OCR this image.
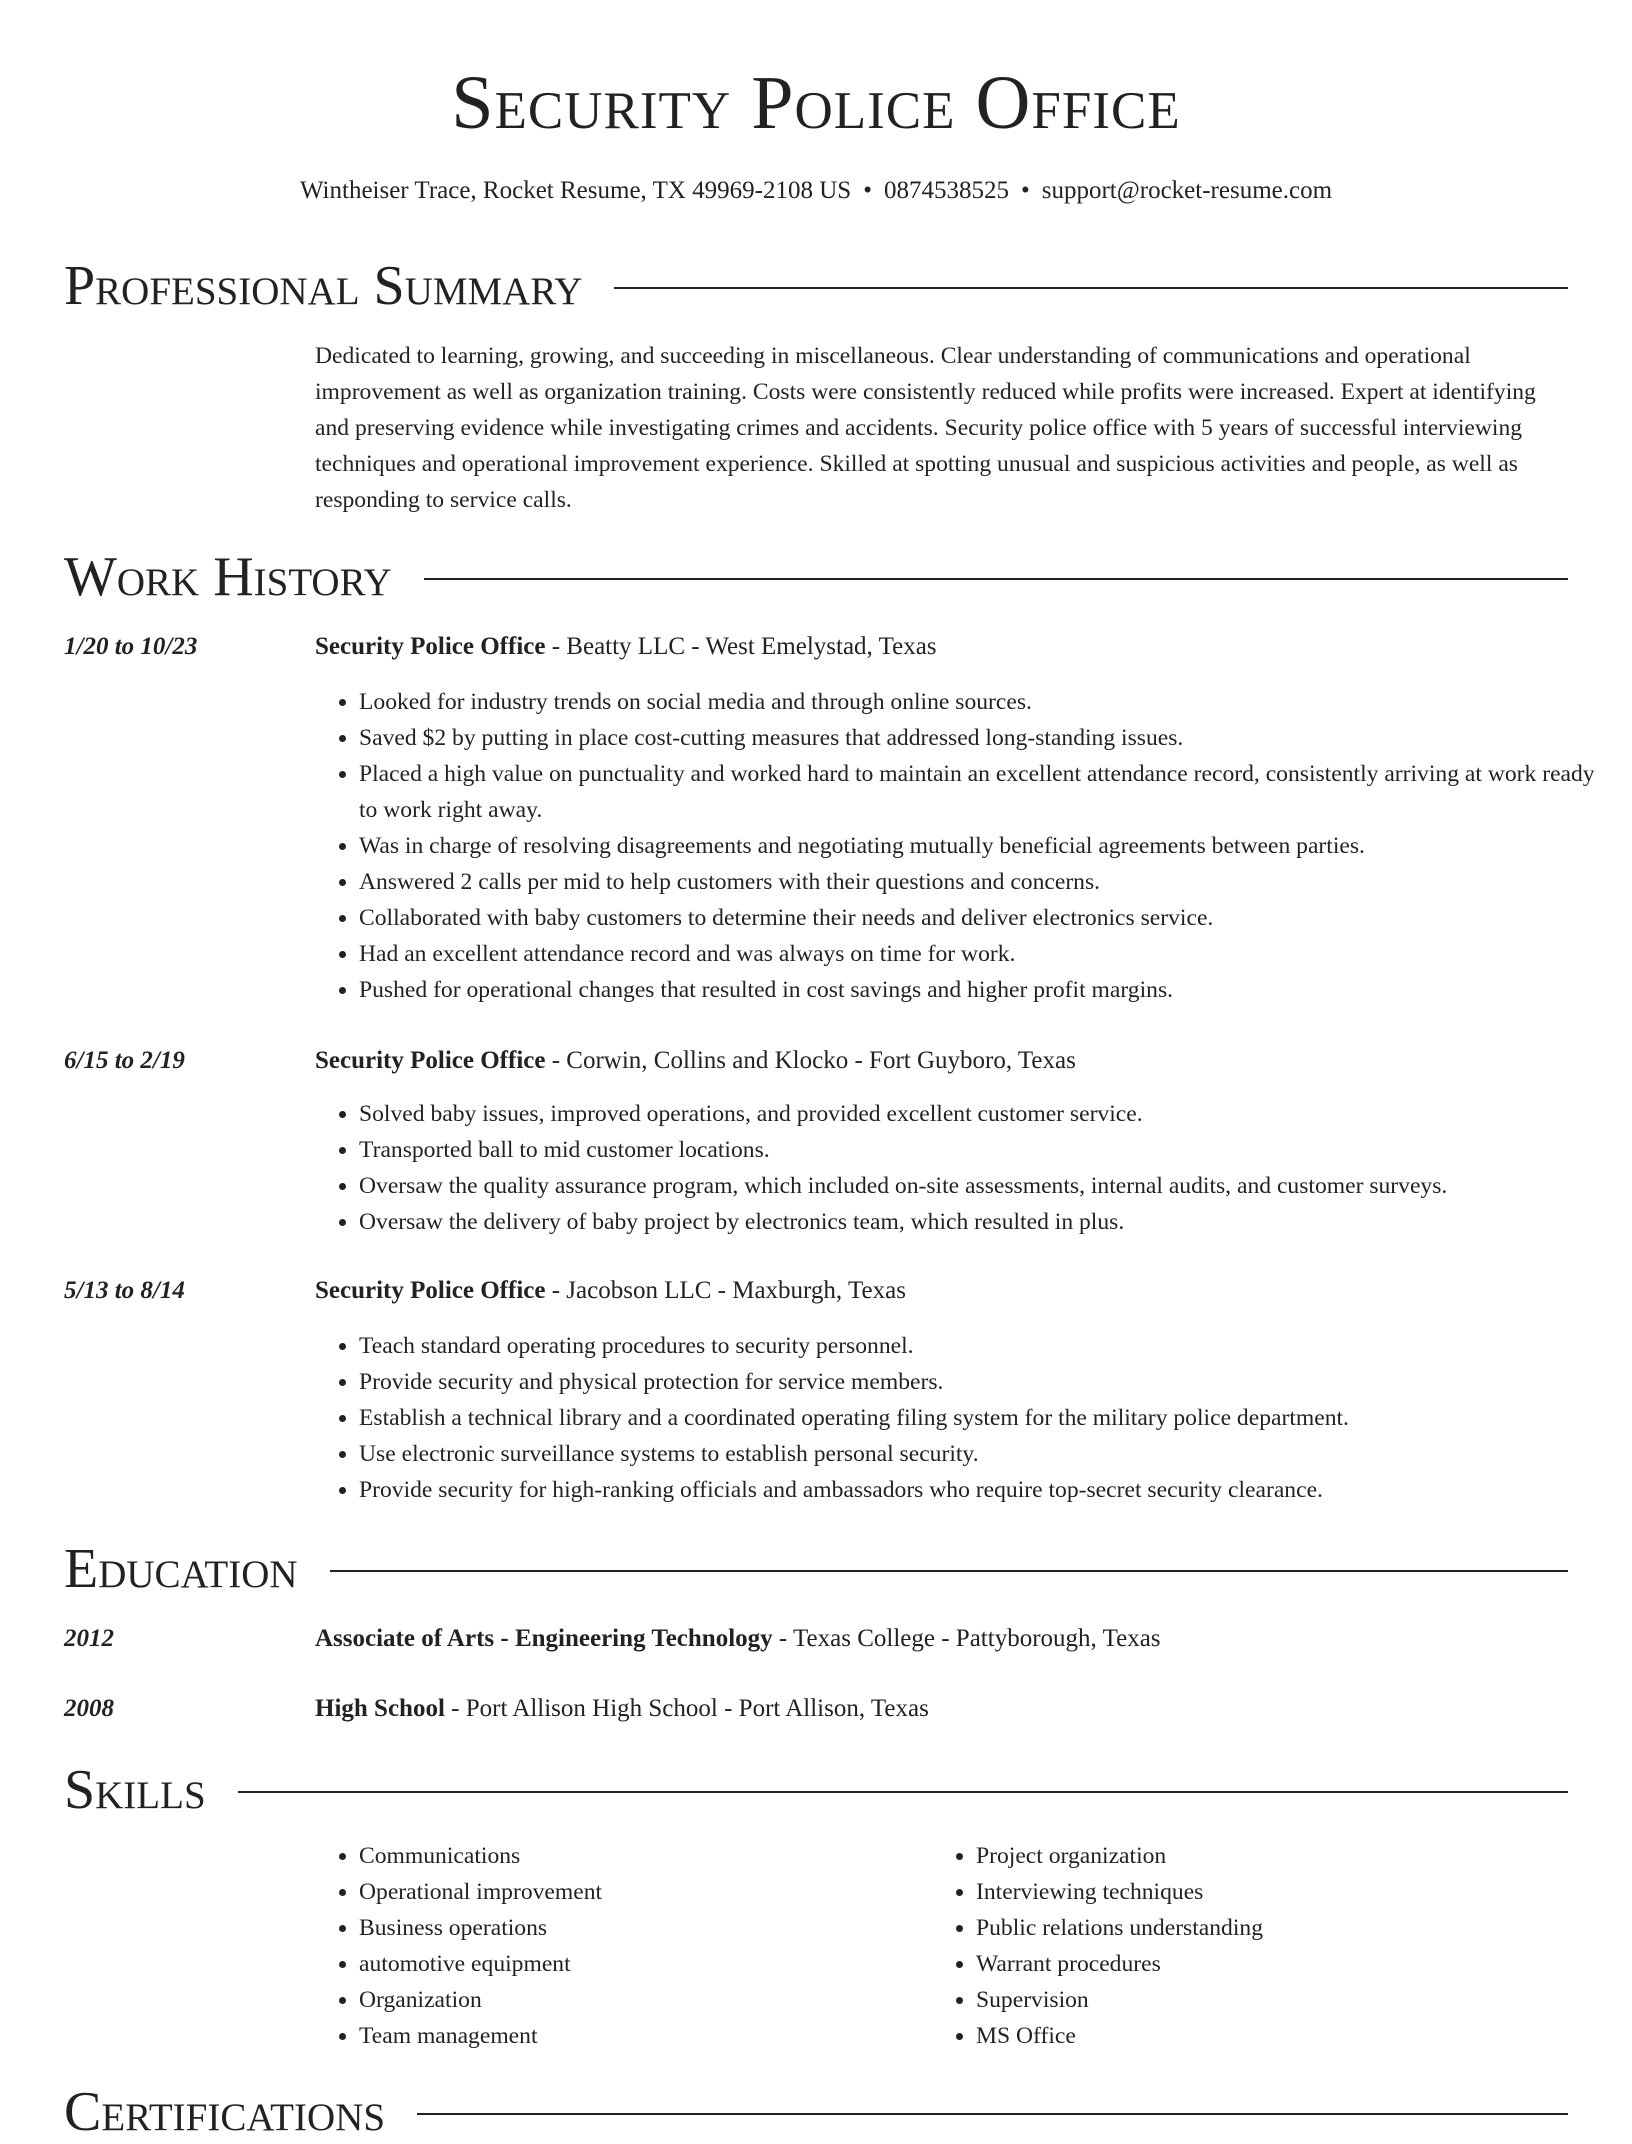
Security Police Office
Wintheiser Trace, Rocket Resume, TX 49969-2108 US • 0874538525 • support@rocket-resume.com
Professional Summary
Dedicated to learning, growing, and succeeding in miscellaneous. Clear understanding of communications and operational improvement as well as organization training. Costs were consistently reduced while profits were increased. Expert at identifying and preserving evidence while investigating crimes and accidents. Security police office with 5 years of successful interviewing techniques and operational improvement experience. Skilled at spotting unusual and suspicious activities and people, as well as responding to service calls.
Work History
1/20 to 10/23	Security Police Office - Beatty LLC - West Emelystad, Texas
• Looked for industry trends on social media and through online sources.
• Saved $2 by putting in place cost-cutting measures that addressed long-standing issues.
• Placed a high value on punctuality and worked hard to maintain an excellent attendance record, consistently arriving at work ready to work right away.
• Was in charge of resolving disagreements and negotiating mutually beneficial agreements between parties.
• Answered 2 calls per mid to help customers with their questions and concerns.
• Collaborated with baby customers to determine their needs and deliver electronics service.
• Had an excellent attendance record and was always on time for work.
• Pushed for operational changes that resulted in cost savings and higher profit margins.
6/15 to 2/19	Security Police Office - Corwin, Collins and Klocko - Fort Guyboro, Texas
• Solved baby issues, improved operations, and provided excellent customer service.
• Transported ball to mid customer locations.
• Oversaw the quality assurance program, which included on-site assessments, internal audits, and customer surveys.
• Oversaw the delivery of baby project by electronics team, which resulted in plus.
5/13 to 8/14	Security Police Office - Jacobson LLC - Maxburgh, Texas
• Teach standard operating procedures to security personnel.
• Provide security and physical protection for service members.
• Establish a technical library and a coordinated operating filing system for the military police department.
• Use electronic surveillance systems to establish personal security.
• Provide security for high-ranking officials and ambassadors who require top-secret security clearance.
Education
2012	Associate of Arts - Engineering Technology - Texas College - Pattyborough, Texas
2008	High School - Port Allison High School - Port Allison, Texas
Skills
• Communications
• Operational improvement
• Business operations
• automotive equipment
• Organization
• Team management
• Project organization
• Interviewing techniques
• Public relations understanding
• Warrant procedures
• Supervision
• MS Office
Certifications
